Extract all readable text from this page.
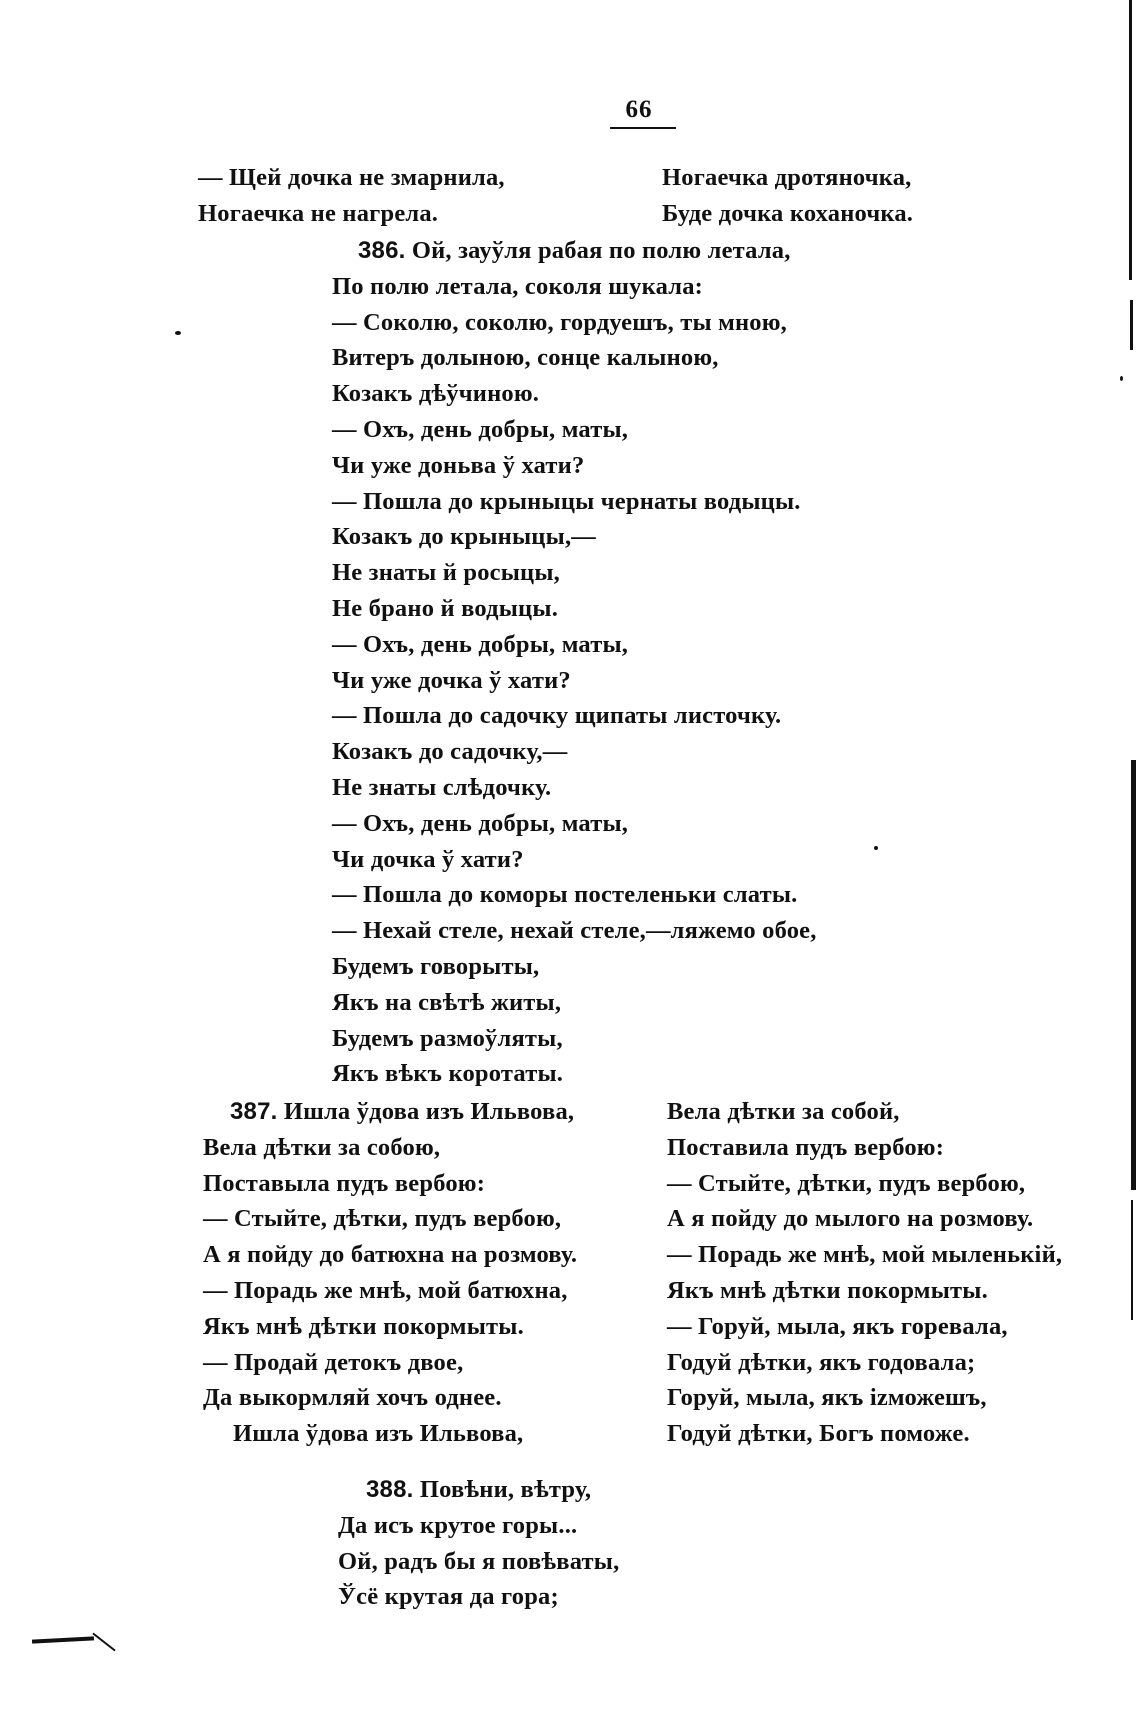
66
— Щей дочка не змарнила,
Ногаечка не нагрела.
Ногаечка дротяночка,
Буде дочка коханочка.
386. Ой, зауўля рабая по полю летала,
По полю летала, соколя шукала:
— Соколю, соколю, гордуешъ, ты мною,
Витеръ долыною, сонце калыною,
Козакъ дѣўчиною.
— Охъ, день добры, маты,
Чи уже доньва ў хати?
— Пошла до крыныцы чернаты водыцы.
Козакъ до крыныцы,—
Не знаты й росыцы,
Не брано й водыцы.
— Охъ, день добры, маты,
Чи уже дочка ў хати?
— Пошла до садочку щипаты листочку.
Козакъ до садочку,—
Не знаты слѣдочку.
— Охъ, день добры, маты,
Чи дочка ў хати?
— Пошла до коморы постеленьки слаты.
— Нехай стеле, нехай стеле,—ляжемо обое,
Будемъ говорыты,
Якъ на свѣтѣ житы,
Будемъ размоўляты,
Якъ вѣкъ коротаты.
387. Ишла ўдова изъ Ильвова,
Вела дѣтки за собою,
Поставыла пудъ вербою:
— Стыйте, дѣтки, пудъ вербою,
А я пойду до батюхна на розмову.
— Порадь же мнѣ, мой батюхна,
Якъ мнѣ дѣтки покормыты.
— Продай детокъ двое,
Да выкормляй хочъ однее.
Ишла ўдова изъ Ильвова,
Вела дѣтки за собой,
Поставила пудъ вербою:
— Стыйте, дѣтки, пудъ вербою,
А я пойду до мылого на розмову.
— Порадь же мнѣ, мой мыленькій,
Якъ мнѣ дѣтки покормыты.
— Горуй, мыла, якъ горевала,
Годуй дѣтки, якъ годовала;
Горуй, мыла, якъ izможешъ,
Годуй дѣтки, Богъ поможе.
388. Повѣни, вѣтру,
Да исъ крутое горы...
Ой, радъ бы я повѣваты,
Ўсё крутая да гора;
